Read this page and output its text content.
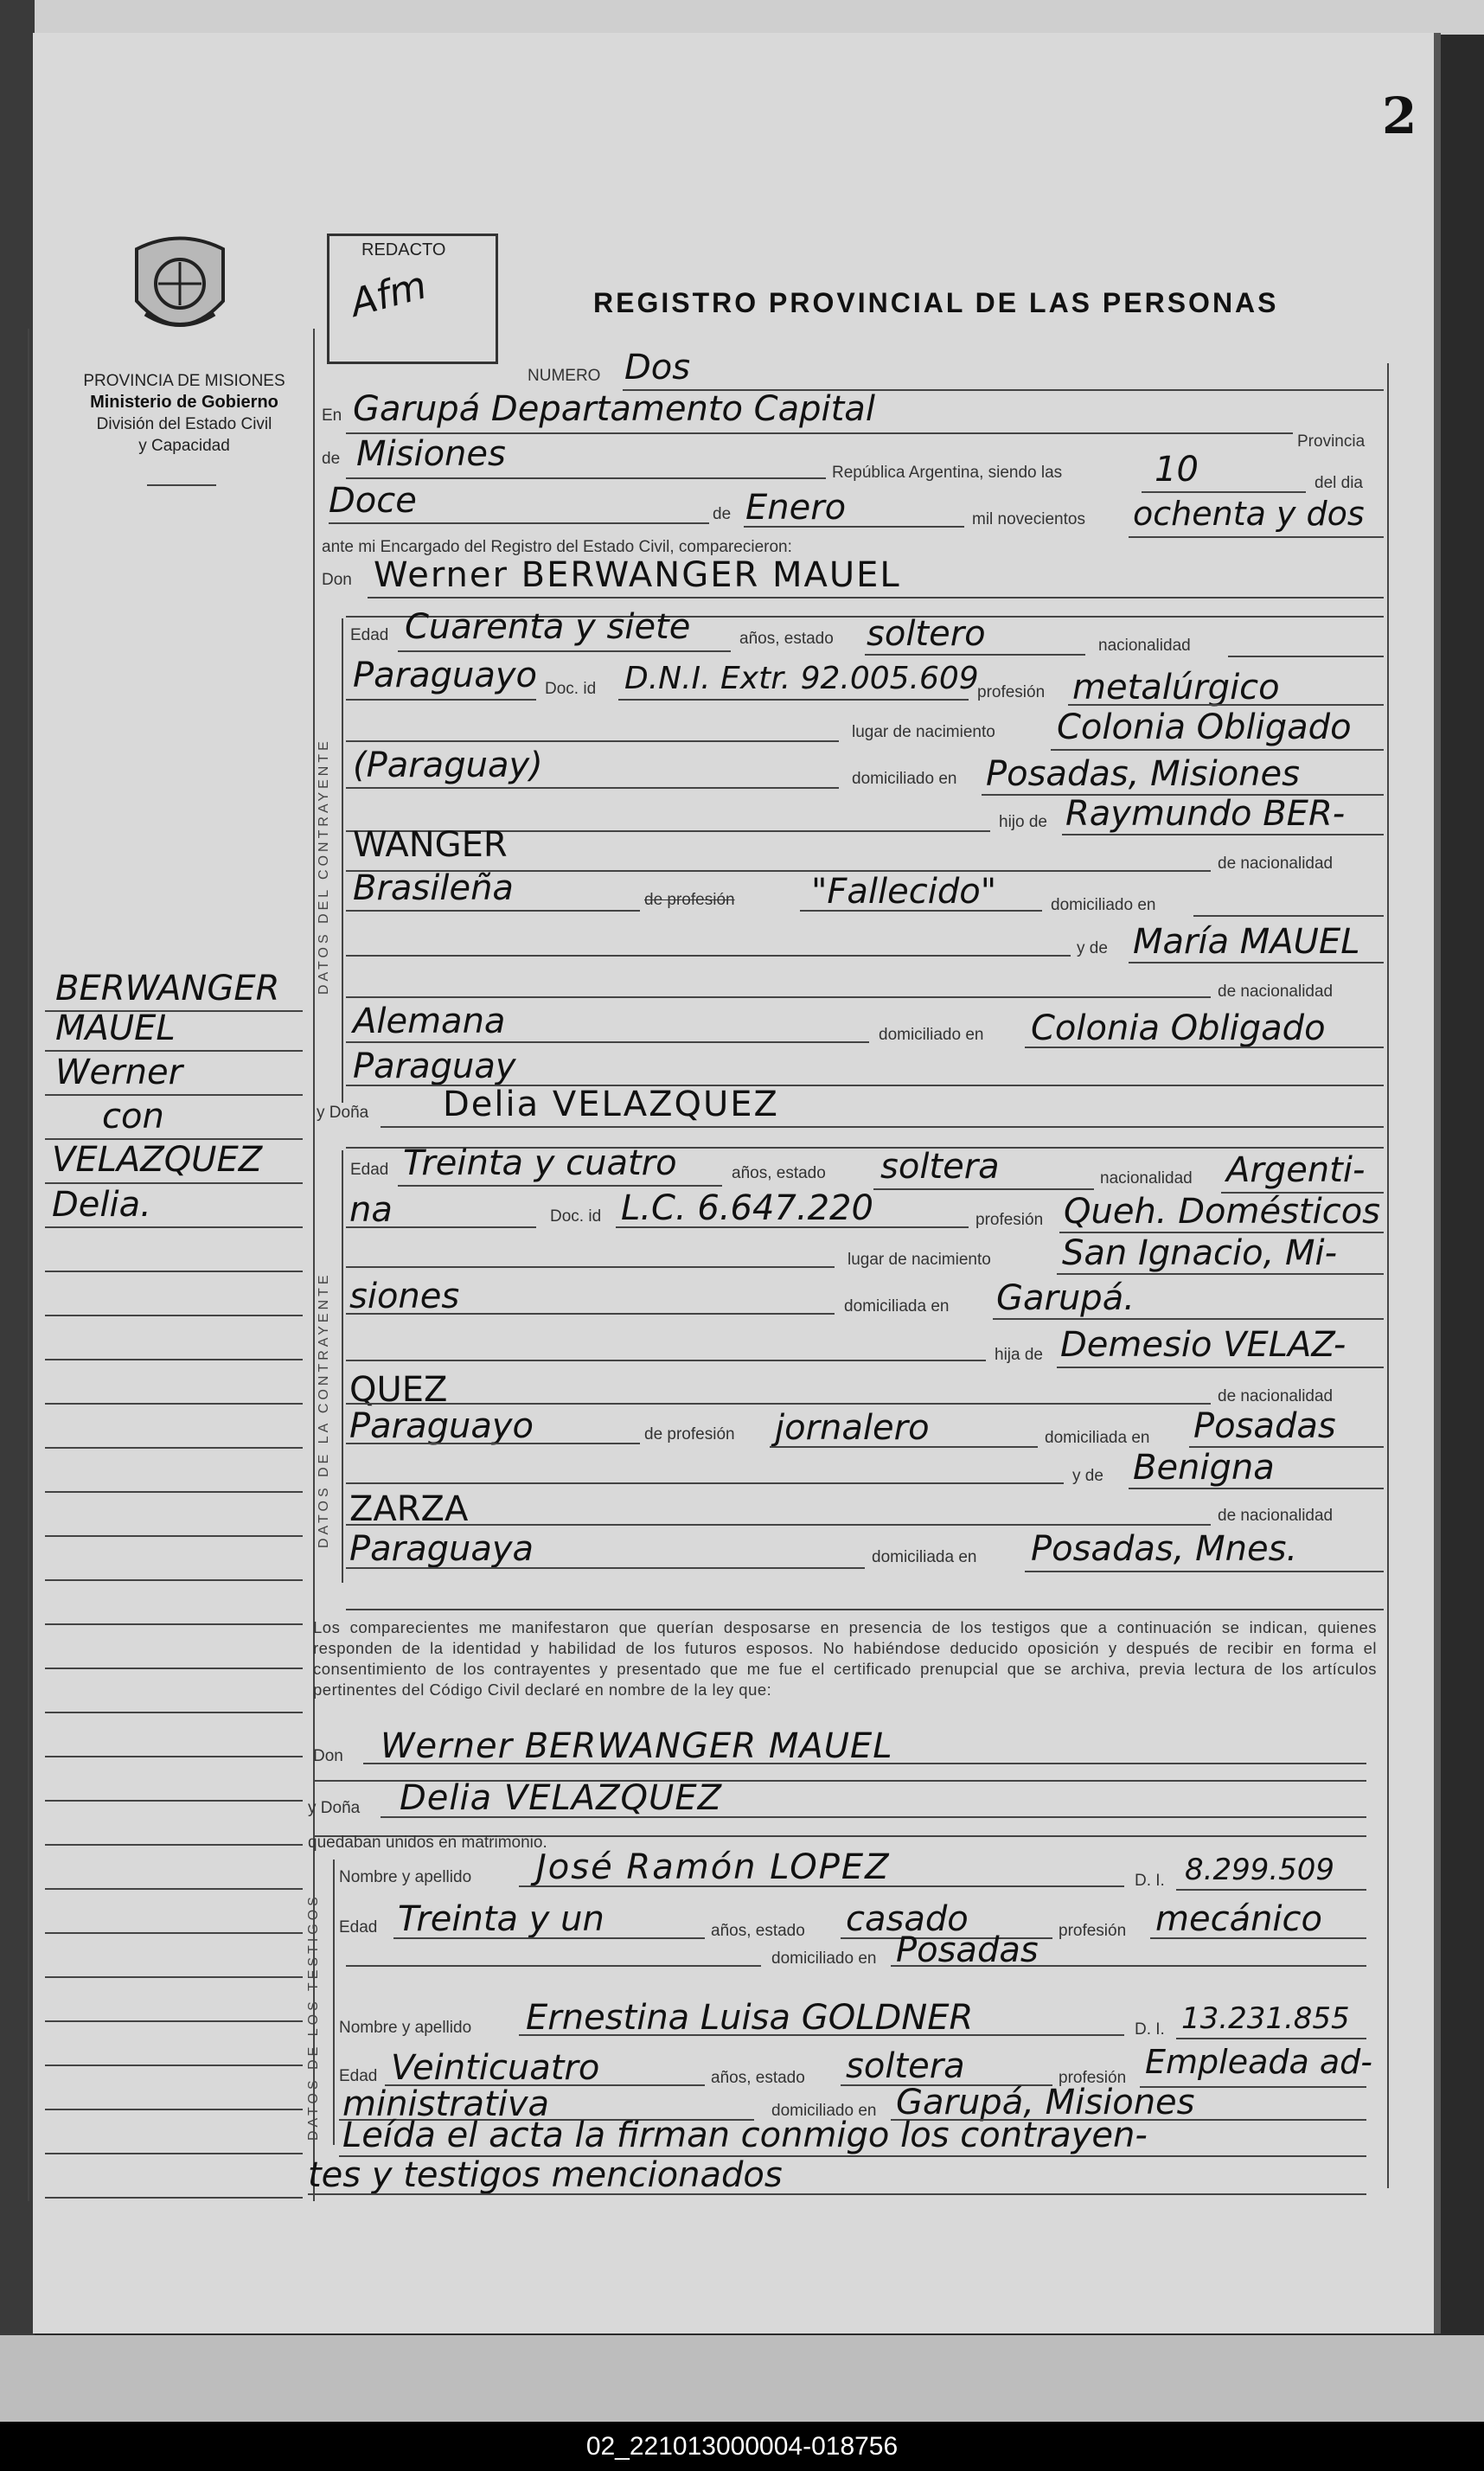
02_221013000004-018756
2
REDACTO
Afm	REGISTRO PROVINCIAL DE LAS PERSONAS
PROVINCIA DE MISIONES
Ministerio de Gobierno
División del Estado Civil
y Capacidad
BERWANGER
MAUEL
Werner
con
VELAZQUEZ
Delia.
DATOS DEL CONTRAYENTE
DATOS DE LA CONTRAYENTE
DATOS DE LOS TESTIGOS
NUMERO Dos
En Garupá Departamento Capital
Provincia
de Misiones	República Argentina, siendo las	10	del dia
Doce	de Enero	mil novecientos ochenta y dos
ante mi Encargado del Registro del Estado Civil, comparecieron:
Don Werner BERWANGER MAUEL
Edad Cuarenta y siete	años, estado soltero	nacionalidad
Paraguayo Doc. id D.N.I. Extr. 92.005.609
profesión metalúrgico
lugar de nacimiento Colonia Obligado
(Paraguay)	domiciliado en Posadas, Misiones
hijo de Raymundo BER-
WANGER	de nacionalidad
Brasileña	de profesión "Fallecido"	domiciliado en
y de María MAUEL
de nacionalidad
Alemana	domiciliado en Colonia Obligado
Paraguay
y Doña Delia VELAZQUEZ
Edad Treinta y cuatro	años, estado soltera	nacionalidad Argenti-
na	Doc. id L.C. 6.647.220	profesión Queh. Domésticos
lugar de nacimiento San Ignacio, Mi-
siones	domiciliada en Garupá.
hija de Demesio VELAZ-
QUEZ	de nacionalidad
Paraguayo	de profesión jornalero	domiciliada en Posadas
y de Benigna
ZARZA	de nacionalidad
Paraguaya	domiciliada en Posadas, Mnes.
Los comparecientes me manifestaron que querían desposarse en presencia de los testigos que a continuación se indican, quienes responden de la identidad y habilidad de los futuros esposos. No habiéndose deducido oposición y después de recibir en forma el consentimiento de los contrayentes y presentado que me fue el certificado prenupcial que se archiva, previa lectura de los artículos pertinentes del Código Civil declaré en nombre de la ley que:
Don Werner BERWANGER MAUEL
y Doña Delia VELAZQUEZ
quedaban unidos en matrimonio.
Nombre y apellido José Ramón LOPEZ	D. I. 8.299.509
Edad Treinta y un	años, estado casado	profesión mecánico
domiciliado en Posadas
Nombre y apellido Ernestina Luisa GOLDNER	D. I. 13.231.855
Edad Veinticuatro	años, estado soltera	profesión Empleada ad-
ministrativa	domiciliado en Garupá, Misiones
Leída el acta la firman conmigo los contrayen-
tes y testigos mencionados
